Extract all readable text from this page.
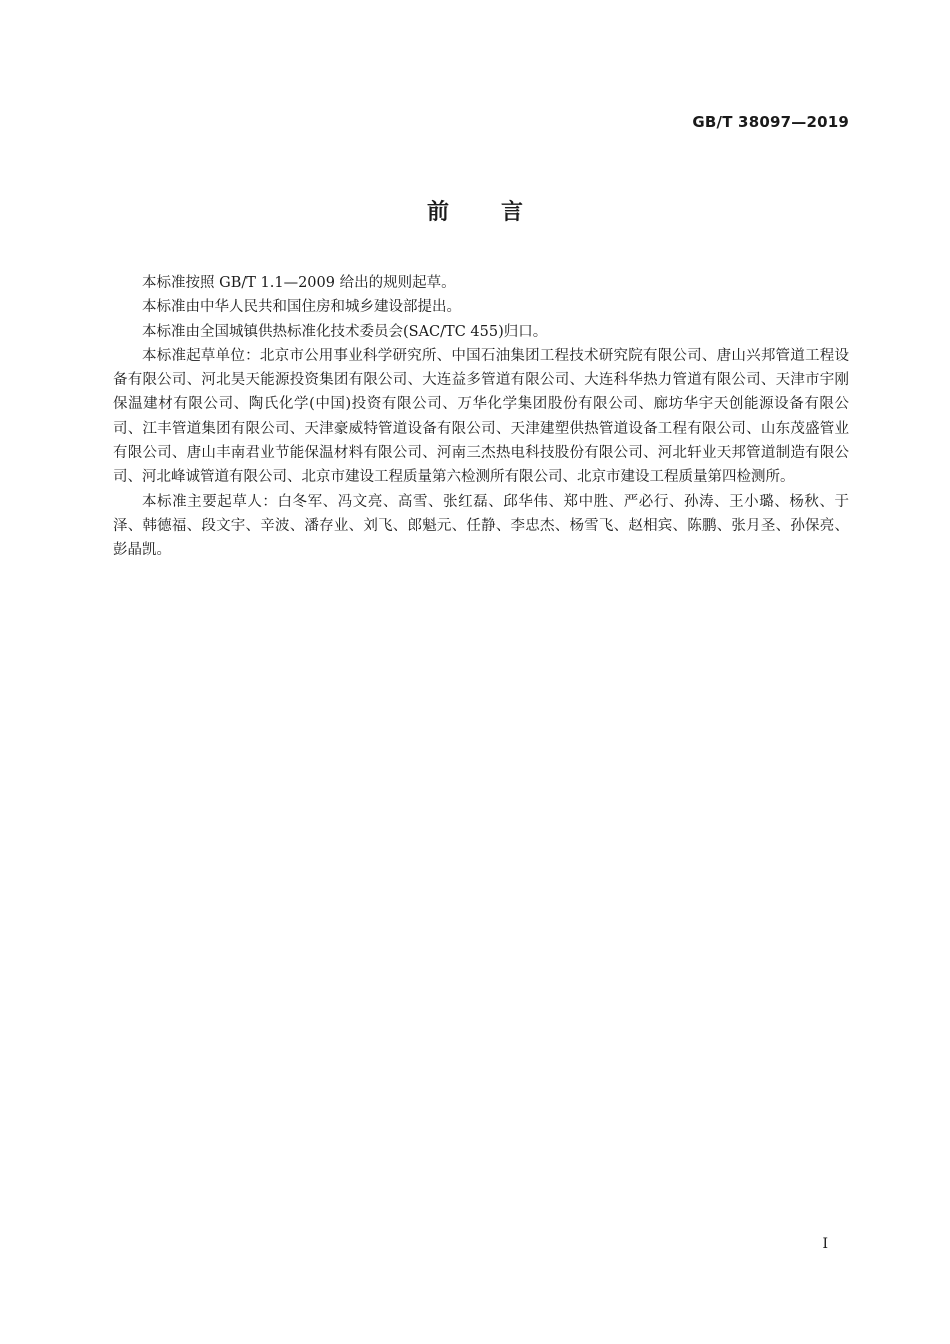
GB/T 38097—2019
前 言

本标准按照 GB/T 1.1—2009 给出的规则起草。

本标准由中华人民共和国住房和城乡建设部提出。

本标准由全国城镇供热标准化技术委员会(SAC/TC 455)归口。

本标准起草单位：北京市公用事业科学研究所、中国石油集团工程技术研究院有限公司、唐山兴邦管道工程设备有限公司、河北昊天能源投资集团有限公司、大连益多管道有限公司、大连科华热力管道有限公司、天津市宇刚保温建材有限公司、陶氏化学(中国)投资有限公司、万华化学集团股份有限公司、廊坊华宇天创能源设备有限公司、江丰管道集团有限公司、天津豪威特管道设备有限公司、天津建塑供热管道设备工程有限公司、山东茂盛管业有限公司、唐山丰南君业节能保温材料有限公司、河南三杰热电科技股份有限公司、河北轩业天邦管道制造有限公司、河北峰诚管道有限公司、北京市建设工程质量第六检测所有限公司、北京市建设工程质量第四检测所。

本标准主要起草人：白冬军、冯文亮、高雪、张红磊、邱华伟、郑中胜、严必行、孙涛、王小璐、杨秋、于泽、韩德福、段文宇、辛波、潘存业、刘飞、郎魁元、任静、李忠杰、杨雪飞、赵相宾、陈鹏、张月圣、孙保亮、彭晶凯。

I
